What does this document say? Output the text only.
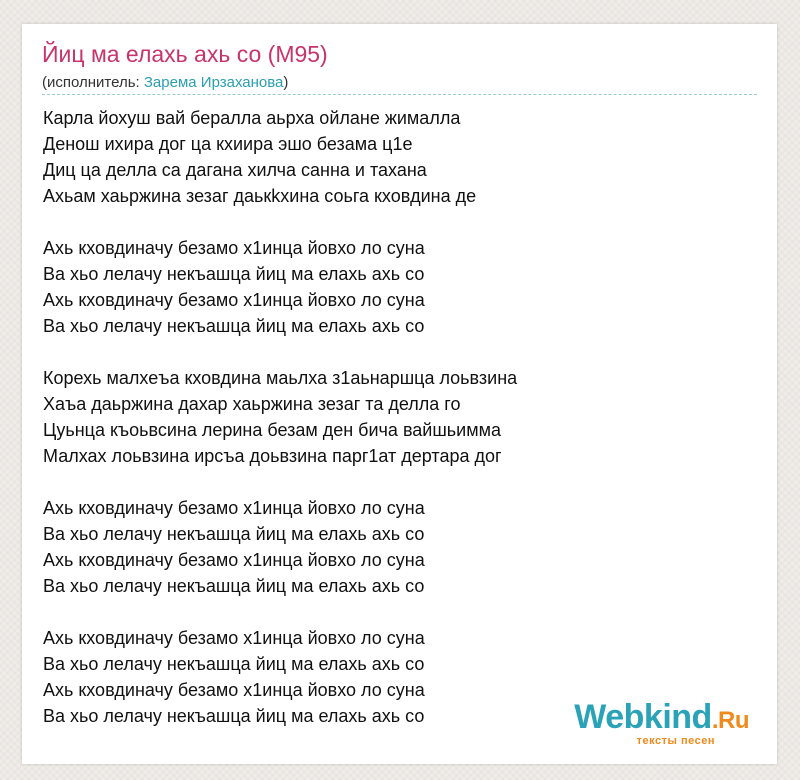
Йиц ма елахь ахь со (M95)
(исполнитель: Зарема Ирзаханова)
Карла йохуш вай бералла аьрха ойлане жималла
Денош ихира дог ца кхиира эшо безама ц1е
Диц ца делла са дагана хилча санна и тахана
Ахьам хаьржина зезаг даькkхина соьга кховдина де
Ахь кховдиначу безамо х1инца йовхо ло суна
Ва хьо лелачу некъашца йиц ма елахь ахь со
Ахь кховдиначу безамо х1инца йовхо ло суна
Ва хьо лелачу некъашца йиц ма елахь ахь со
Корехь малхеъа кховдина маьлха з1аьнаршца лоьвзина
Хаъа даьржина дахар хаьржина зезаг та делла го
Цуьнца къоьвсина лерина безам ден бича вайшьимма
Малхах лоьвзина ирсъа доьвзина парг1ат дертара дог
Ахь кховдиначу безамо х1инца йовхо ло суна
Ва хьо лелачу некъашца йиц ма елахь ахь со
Ахь кховдиначу безамо х1инца йовхо ло суна
Ва хьо лелачу некъашца йиц ма елахь ахь со
Ахь кховдиначу безамо х1инца йовхо ло суна
Ва хьо лелачу некъашца йиц ма елахь ахь со
Ахь кховдиначу безамо х1инца йовхо ло суна
Ва хьо лелачу некъашца йиц ма елахь ахь со	Webkind.Ru
тексты песен
